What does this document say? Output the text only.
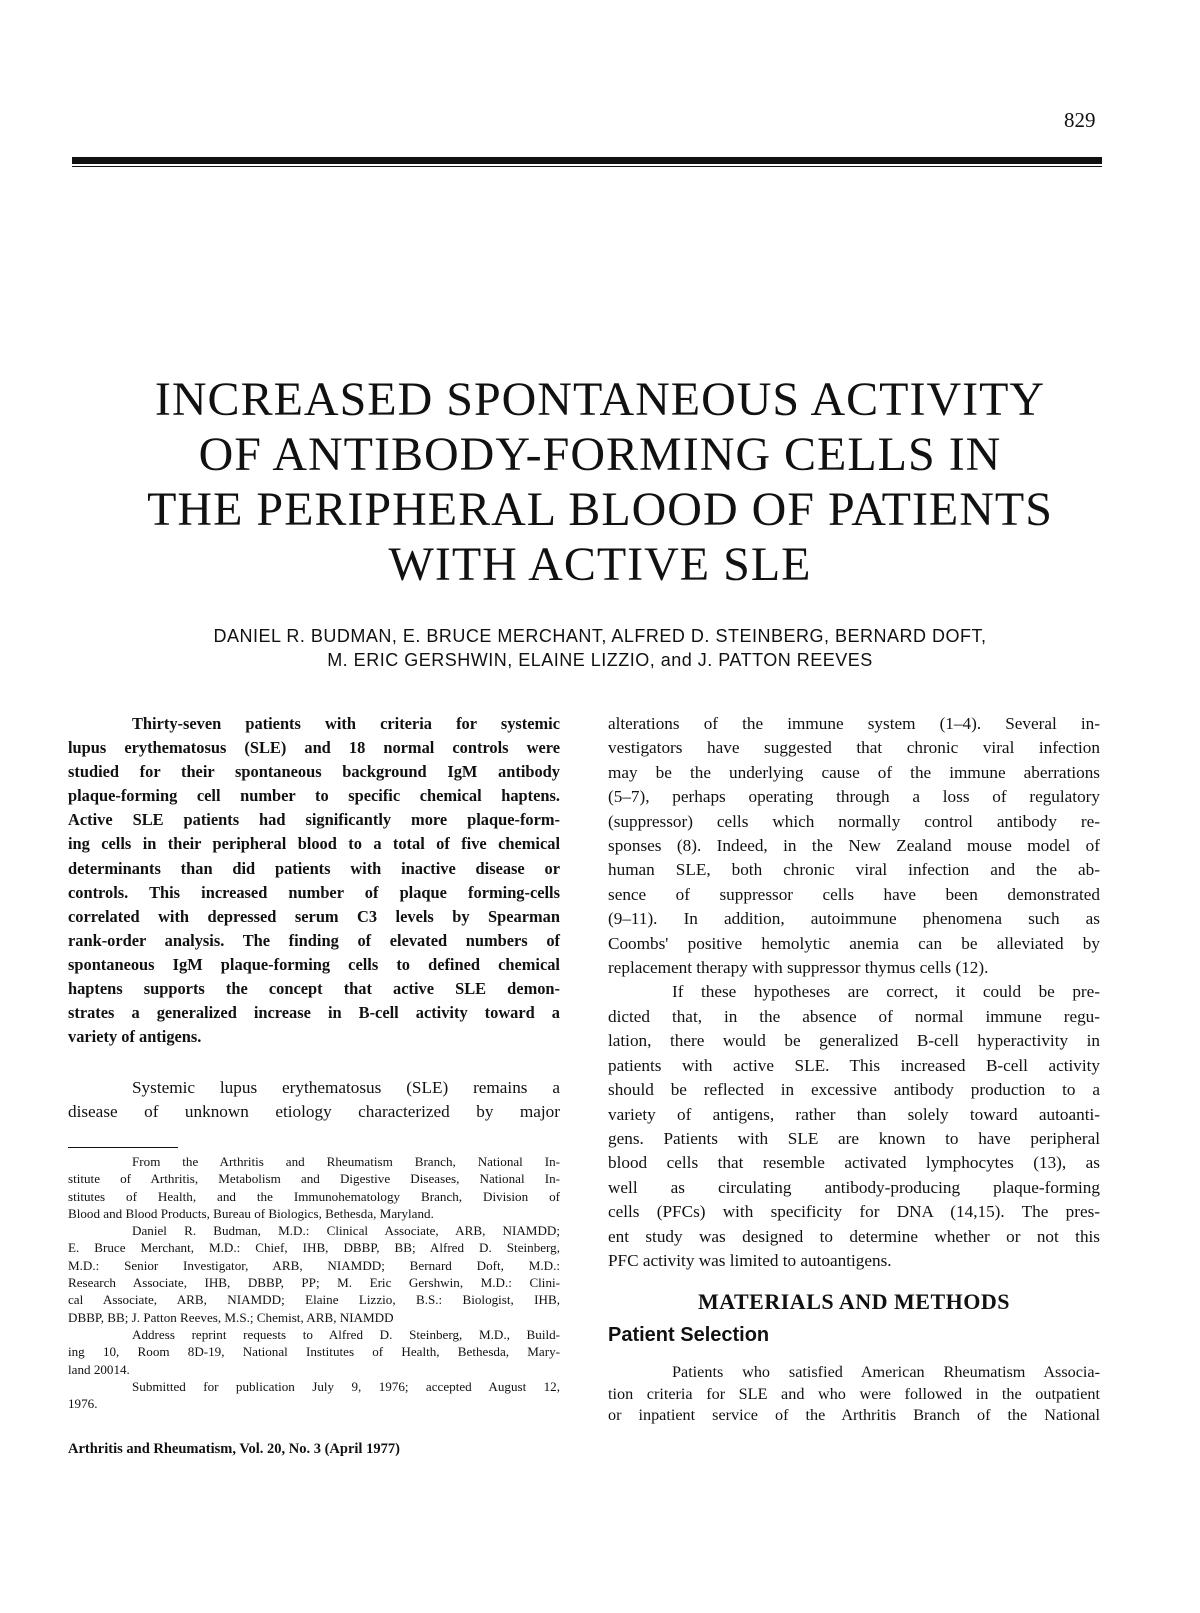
829
INCREASED SPONTANEOUS ACTIVITY
OF ANTIBODY-FORMING CELLS IN
THE PERIPHERAL BLOOD OF PATIENTS
WITH ACTIVE SLE
DANIEL R. BUDMAN, E. BRUCE MERCHANT, ALFRED D. STEINBERG, BERNARD DOFT,
M. ERIC GERSHWIN, ELAINE LIZZIO, and J. PATTON REEVES

Thirty-seven patients with criteria for systemic

lupus erythematosus (SLE) and 18 normal controls were

studied for their spontaneous background IgM antibody

plaque-forming cell number to specific chemical haptens.

Active SLE patients had significantly more plaque-form-

ing cells in their peripheral blood to a total of five chemical

determinants than did patients with inactive disease or

controls. This increased number of plaque forming-cells

correlated with depressed serum C3 levels by Spearman

rank-order analysis. The finding of elevated numbers of

spontaneous IgM plaque-forming cells to defined chemical

haptens supports the concept that active SLE demon-

strates a generalized increase in B-cell activity toward a

variety of antigens.

Systemic lupus erythematosus (SLE) remains a

disease of unknown etiology characterized by major

From the Arthritis and Rheumatism Branch, National In-

stitute of Arthritis, Metabolism and Digestive Diseases, National In-

stitutes of Health, and the Immunohematology Branch, Division of

Blood and Blood Products, Bureau of Biologics, Bethesda, Maryland.

Daniel R. Budman, M.D.: Clinical Associate, ARB, NIAMDD;

E. Bruce Merchant, M.D.: Chief, IHB, DBBP, BB; Alfred D. Steinberg,

M.D.: Senior Investigator, ARB, NIAMDD; Bernard Doft, M.D.:

Research Associate, IHB, DBBP, PP; M. Eric Gershwin, M.D.: Clini-

cal Associate, ARB, NIAMDD; Elaine Lizzio, B.S.: Biologist, IHB,

DBBP, BB; J. Patton Reeves, M.S.; Chemist, ARB, NIAMDD

Address reprint requests to Alfred D. Steinberg, M.D., Build-

ing 10, Room 8D-19, National Institutes of Health, Bethesda, Mary-

land 20014.

Submitted for publication July 9, 1976; accepted August 12,

1976.

Arthritis and Rheumatism, Vol. 20, No. 3 (April 1977)

alterations of the immune system (1–4). Several in-

vestigators have suggested that chronic viral infection

may be the underlying cause of the immune aberrations

(5–7), perhaps operating through a loss of regulatory

(suppressor) cells which normally control antibody re-

sponses (8). Indeed, in the New Zealand mouse model of

human SLE, both chronic viral infection and the ab-

sence of suppressor cells have been demonstrated

(9–11). In addition, autoimmune phenomena such as

Coombs' positive hemolytic anemia can be alleviated by

replacement therapy with suppressor thymus cells (12).

If these hypotheses are correct, it could be pre-

dicted that, in the absence of normal immune regu-

lation, there would be generalized B-cell hyperactivity in

patients with active SLE. This increased B-cell activity

should be reflected in excessive antibody production to a

variety of antigens, rather than solely toward autoanti-

gens. Patients with SLE are known to have peripheral

blood cells that resemble activated lymphocytes (13), as

well as circulating antibody-producing plaque-forming

cells (PFCs) with specificity for DNA (14,15). The pres-

ent study was designed to determine whether or not this

PFC activity was limited to autoantigens.

MATERIALS AND METHODS
Patient Selection

Patients who satisfied American Rheumatism Associa-

tion criteria for SLE and who were followed in the outpatient

or inpatient service of the Arthritis Branch of the National
